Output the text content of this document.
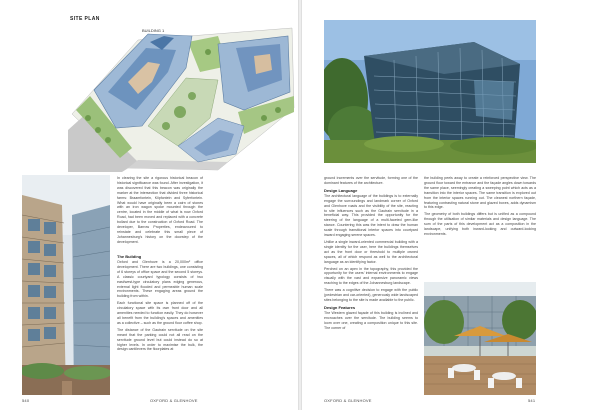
SITE PLAN
BUILDING 1

In clearing the site a rigorous historical beacon of historical significance was found. After investigation, it was discovered that this beacon was originally the marker at the intersection that divided three historical farms: Braamfontein, Klipfontein and Syferfontein. What would have originally been a cairn of stones with an iron wagon spoke mounted through the centre, located in the middle of what is now Oxford Road, had been moved and replaced with a concrete bollard due to the construction of Oxford Road. The developer, Barrow Properties, endeavoured to reinstate and celebrate this small piece of Johannesburg’s history on the doorstep of the development.

The Building

Oxford and Glenhove is a 20,000m² office development. There are two buildings, one consisting of 6 storeys of office space and the second 5 storeys. A classic courtyard typology consists of two east/west-type circulatory plans edging generous, external light flooded and permeable human scale environments. These engaging areas ground the building from within.

Each functional site space is planned off of the circulatory space with its own front door and all amenities needed to function easily. They do however all benefit from the building’s spaces and amenities as a collective – such as the ground floor coffee shop.

The distance of the Gautrain servitude on the site meant that the parking could not all read on the servitude ground level but could instead do so at higher levels. In order to maximise the bulk, the design cantilevers the floorplates at

540	OXFORD & GLENHOVE

ground increments over the servitude, forming one of the dominant features of the architecture.

Design Language

The architectural language of the buildings is to externally engage the surroundings and landmark corner of Oxford and Glenhove roads and the visibility of the site, reacting to site influences such as the Gautrain servitude in a beneficial way. This provided the opportunity for the steering of the language of a multi-faceted gem-like stance. Countering this was the intent to draw the human scale through transitional interior spaces into courtyard inward engaging serene spaces.

Unlike a single inward-oriented commercial building with a single identity for the user, here the buildings themselves act as the front door or threshold to multiple owned spaces, all of which respond as well to the architectural language as an identifying factor.

Perched on an apex in the topography, this provided the opportunity for the users’ internal environments to engage visually with the vast and expansive panoramic views reaching to the edges of the Johannesburg landscape.

There was a cognitive decision to engage with the public (pedestrian and car-oriented), generously wide landscaped sites belonging to the site is made available to the public.

Design Features

The Western glazed façade of this building is inclined and encroaches over the servitude. The building seems to loom over one, creating a composition unique to this site. The corner of

the building peels away to create a reinforced perspective view. The ground floor toward the entrance and the façade angles down towards the same place, seemingly creating a sweeping point which acts as a transition into the interior spaces. The same transition is explored out from the interior spaces running out. The cleanest northern façade, featuring contrasting natural stone and glazed boxes, adds dynamism to this edge.

The geometry of both buildings differs but is unified as a compound through the utilisation of similar materials and design language. The sum of the parts of this development act as a composition in the landscape, unifying both inward-looking and outward-looking environments.

OXFORD & GLENHOVE	541
